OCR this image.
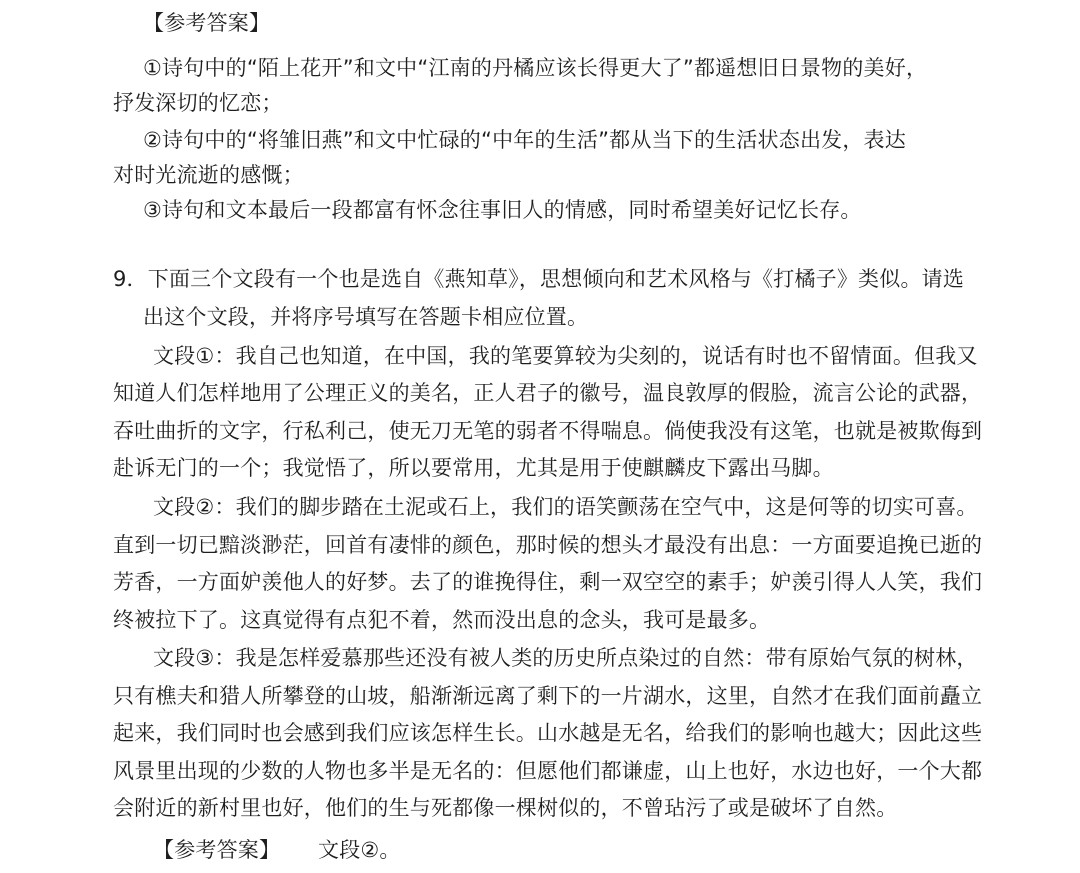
【参考答案】
①诗句中的“陌上花开”和文中“江南的丹橘应该长得更大了”都遥想旧日景物的美好，
抒发深切的忆恋；
②诗句中的“将雏旧燕”和文中忙碌的“中年的生活”都从当下的生活状态出发，表达
对时光流逝的感慨；
③诗句和文本最后一段都富有怀念往事旧人的情感，同时希望美好记忆长存。
9．下面三个文段有一个也是选自《燕知草》，思想倾向和艺术风格与《打橘子》类似。请选
出这个文段，并将序号填写在答题卡相应位置。
文段①：我自己也知道，在中国，我的笔要算较为尖刻的，说话有时也不留情面。但我又
知道人们怎样地用了公理正义的美名，正人君子的徽号，温良敦厚的假脸，流言公论的武器，
吞吐曲折的文字，行私利己，使无刀无笔的弱者不得喘息。倘使我没有这笔，也就是被欺侮到
赴诉无门的一个；我觉悟了，所以要常用，尤其是用于使麒麟皮下露出马脚。
文段②：我们的脚步踏在土泥或石上，我们的语笑颤荡在空气中，这是何等的切实可喜。
直到一切已黯淡渺茫，回首有凄悱的颜色，那时候的想头才最没有出息：一方面要追挽已逝的
芳香，一方面妒羡他人的好梦。去了的谁挽得住，剩一双空空的素手；妒羡引得人人笑，我们
终被拉下了。这真觉得有点犯不着，然而没出息的念头，我可是最多。
文段③：我是怎样爱慕那些还没有被人类的历史所点染过的自然：带有原始气氛的树林，
只有樵夫和猎人所攀登的山坡，船渐渐远离了剩下的一片湖水，这里，自然才在我们面前矗立
起来，我们同时也会感到我们应该怎样生长。山水越是无名，给我们的影响也越大；因此这些
风景里出现的少数的人物也多半是无名的：但愿他们都谦虚，山上也好，水边也好，一个大都
会附近的新村里也好，他们的生与死都像一棵树似的，不曾玷污了或是破坏了自然。
【参考答案】 文段②。
